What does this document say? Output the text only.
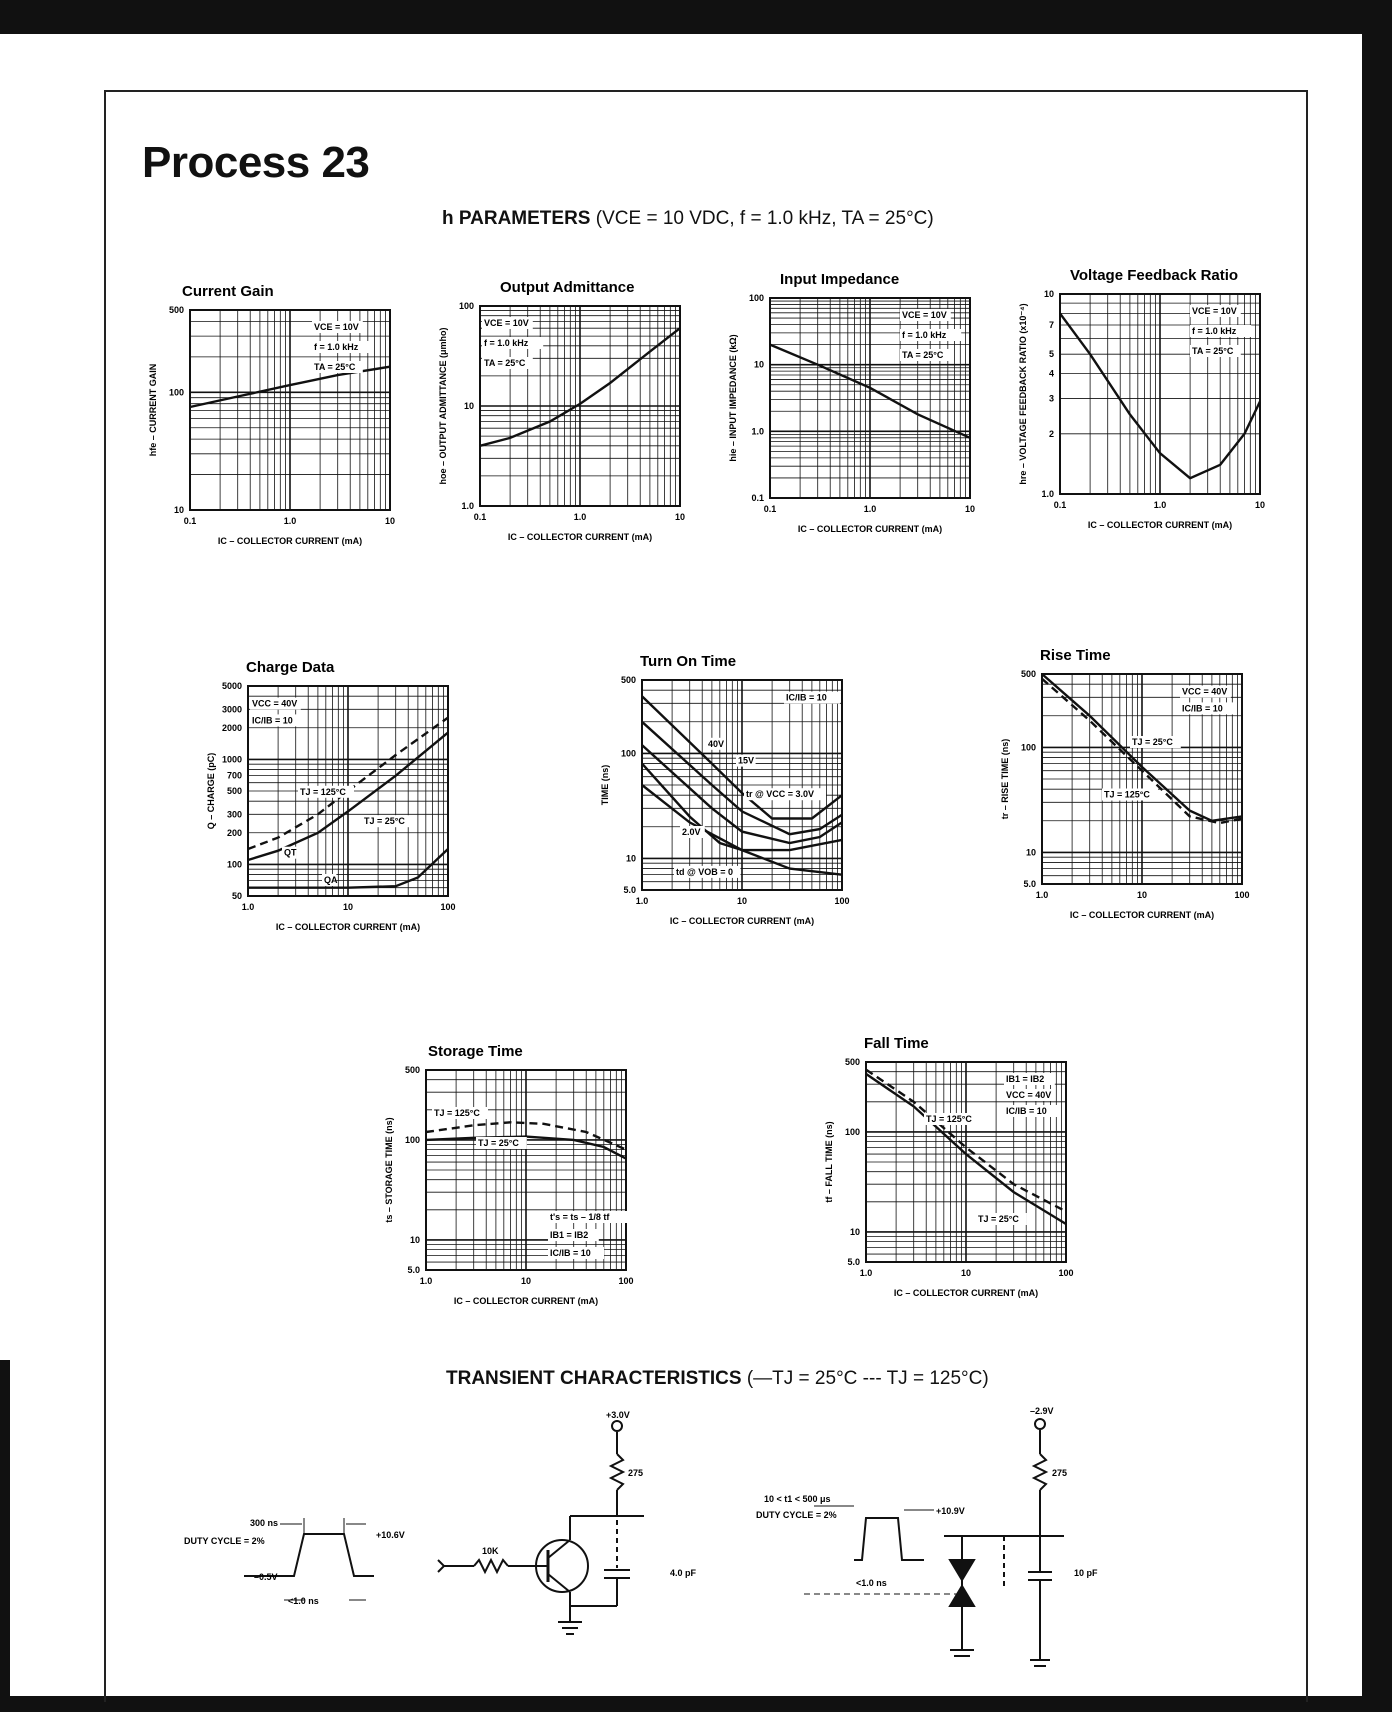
Process 23
h PARAMETERS (VCE = 10 VDC, f = 1.0 kHz, TA = 25°C)
Current Gain
0.1	1.0	10
10
100
500
IC – COLLECTOR CURRENT (mA)
hfe – CURRENT GAIN
VCE = 10V
f = 1.0 kHz
TA = 25°C
Output Admittance
0.1	1.0	10
1.0
10
100
IC – COLLECTOR CURRENT (mA)
hoe – OUTPUT ADMITTANCE (μmho)
VCE = 10V
f = 1.0 kHz
TA = 25°C
Input Impedance
0.1	1.0	10
0.1
1.0
10
100
IC – COLLECTOR CURRENT (mA)
hie – INPUT IMPEDANCE (kΩ)
VCE = 10V
f = 1.0 kHz
TA = 25°C
Voltage Feedback Ratio
0.1	1.0	10
1.0
2
3
4
5
7
10
IC – COLLECTOR CURRENT (mA)
hre – VOLTAGE FEEDBACK RATIO (x10⁻⁴)	VCE = 10V
f = 1.0 kHz
TA = 25°C
Charge Data
1.0	10	100
50
100
200
300
500
700
1000
2000
3000
5000
IC – COLLECTOR CURRENT (mA)
Q – CHARGE (pC)
VCC = 40V
IC/IB = 10
TJ = 125°C
TJ = 25°C
QT
QA
Turn On Time
1.0	10	100
5.0
10
100
500
IC – COLLECTOR CURRENT (mA)
TIME (ns)
IC/IB = 10
40V
15V
tr @ VCC = 3.0V
2.0V
td @ VOB = 0
Rise Time
1.0	10	100
5.0
10
100
500
IC – COLLECTOR CURRENT (mA)
tr – RISE TIME (ns)
VCC = 40V
IC/IB = 10
TJ = 25°C
TJ = 125°C
Storage Time
1.0	10	100
5.0
10
100
500
IC – COLLECTOR CURRENT (mA)
ts – STORAGE TIME (ns)
TJ = 125°C
TJ = 25°C
t's = ts – 1/8 tf
IB1 = IB2
IC/IB = 10
Fall Time
1.0	10	100
5.0
10
100
500
IC – COLLECTOR CURRENT (mA)
tf – FALL TIME (ns)
IB1 = IB2
VCC = 40V
IC/IB = 10
TJ = 125°C
TJ = 25°C
TRANSIENT CHARACTERISTICS (—TJ = 25°C --- TJ = 125°C)
300 ns
DUTY CYCLE = 2%
+10.6V
–0.5V
<1.0 ns
+3.0V
275
10K
4.0 pF
10 < t1 < 500 μs
DUTY CYCLE = 2%	+10.9V
<1.0 ns
–2.9V
275
10 pF
